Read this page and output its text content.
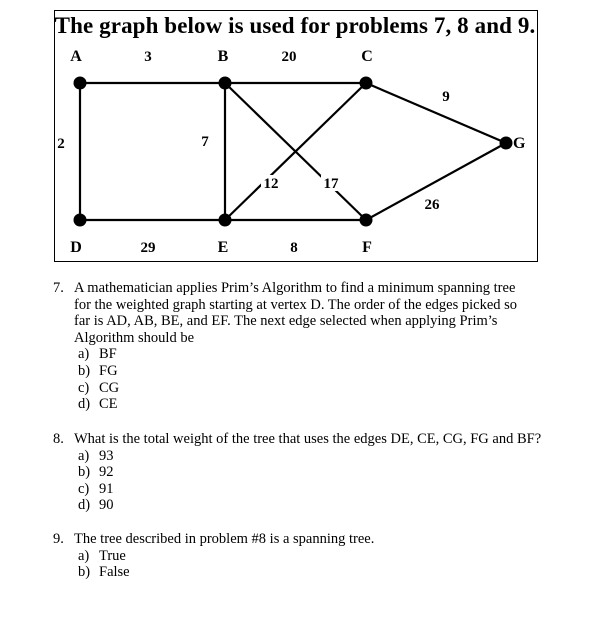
The graph below is used for problems 7, 8 and 9.
3	20
9
2	7
12	17
26
29	8
A	B	C
D	E	F
G
7. A mathematician applies Prim’s Algorithm to find a minimum spanning tree for the weighted graph starting at vertex D. The order of the edges picked so far is AD, AB, BE, and EF. The next edge selected when applying Prim’s Algorithm should be
a) BF
b) FG
c) CG
d) CE
8. What is the total weight of the tree that uses the edges DE, CE, CG, FG and BF?
a) 93
b) 92
c) 91
d) 90
9. The tree described in problem #8 is a spanning tree.
a) True
b) False
